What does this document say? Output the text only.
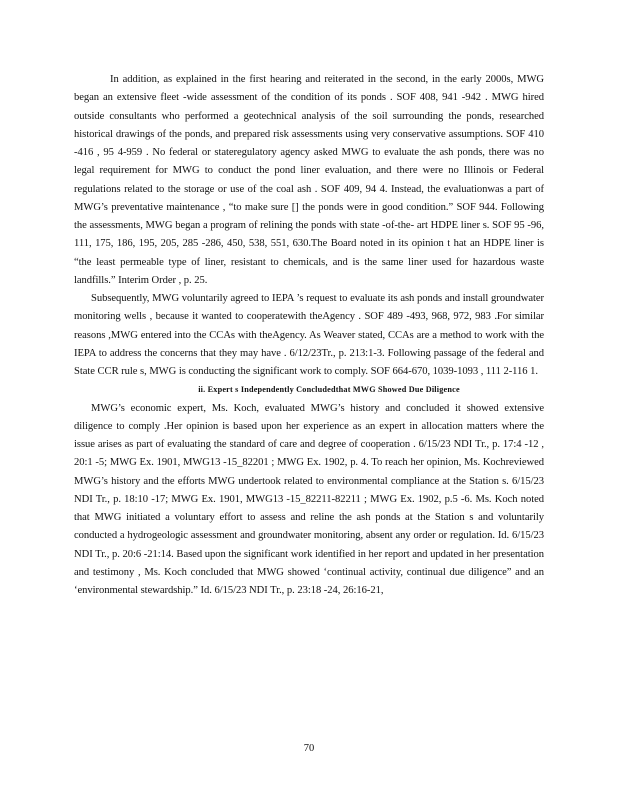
In addition, as explained in the first hearing and reiterated in the second, in the early 2000s, MWG began an extensive fleet -wide assessment of the condition of its ponds . SOF 408, 941 -942 . MWG hired outside consultants who performed a geotechnical analysis of the soil surrounding the ponds, researched historical drawings of the ponds, and prepared risk assessments using very conservative assumptions. SOF 410 -416 , 95 4-959 . No federal or stateregulatory agency asked MWG to evaluate the ash ponds, there was no legal requirement for MWG to conduct the pond liner evaluation, and there were no Illinois or Federal regulations related to the storage or use of the coal ash . SOF 409, 94 4. Instead, the evaluationwas a part of MWG’s preventative maintenance , “to make sure [] the ponds were in good condition.” SOF 944. Following the assessments, MWG began a program of relining the ponds with state -of-the- art HDPE liner s. SOF 95 -96, 111, 175, 186, 195, 205, 285 -286, 450, 538, 551, 630.The Board noted in its opinion t hat an HDPE liner is “the least permeable type of liner, resistant to chemicals, and is the same liner used for hazardous waste landfills.” Interim Order , p. 25.

Subsequently, MWG voluntarily agreed to IEPA ’s request to evaluate its ash ponds and install groundwater monitoring wells , because it wanted to cooperatewith theAgency . SOF 489 -493, 968, 972, 983 .For similar reasons ,MWG entered into the CCAs with theAgency. As Weaver stated, CCAs are a method to work with the IEPA to address the concerns that they may have . 6/12/23Tr., p. 213:1-3. Following passage of the federal and State CCR rule s, MWG is conducting the significant work to comply. SOF 664-670, 1039-1093 , 111 2-116 1.

ii. Expert s Independently Concludedthat MWG Showed Due Diligence

MWG’s economic expert, Ms. Koch, evaluated MWG’s history and concluded it showed extensive diligence to comply .Her opinion is based upon her experience as an expert in allocation matters where the issue arises as part of evaluating the standard of care and degree of cooperation . 6/15/23 NDI Tr., p. 17:4 -12 , 20:1 -5; MWG Ex. 1901, MWG13 -15_82201 ; MWG Ex. 1902, p. 4. To reach her opinion, Ms. Kochreviewed MWG’s history and the efforts MWG undertook related to environmental compliance at the Station s. 6/15/23 NDI Tr., p. 18:10 -17; MWG Ex. 1901, MWG13 -15_82211-82211 ; MWG Ex. 1902, p.5 -6. Ms. Koch noted that MWG initiated a voluntary effort to assess and reline the ash ponds at the Station s and voluntarily conducted a hydrogeologic assessment and groundwater monitoring, absent any order or regulation. Id. 6/15/23 NDI Tr., p. 20:6 -21:14. Based upon the significant work identified in her report and updated in her presentation and testimony , Ms. Koch concluded that MWG showed ‘continual activity, continual due diligence” and an ‘environmental stewardship.” Id. 6/15/23 NDI Tr., p. 23:18 -24, 26:16-21,

70
